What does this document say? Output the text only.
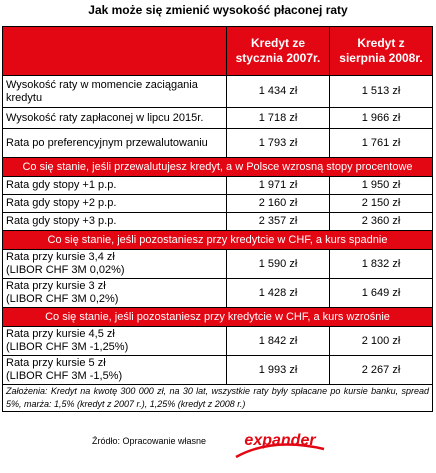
Jak może się zmienić wysokość płaconej raty
	Kredyt ze stycznia 2007r.	Kredyt z sierpnia 2008r.
Wysokość raty w momencie zaciągania kredytu	1 434 zł	1 513 zł
Wysokość raty zapłaconej w lipcu 2015r.	1 718 zł	1 966 zł
Rata po preferencyjnym przewalutowaniu	1 793 zł	1 761 zł
Co się stanie, jeśli przewalutujesz kredyt, a w Polsce wzrosną stopy procentowe		
Rata gdy stopy +1 p.p.	1 971 zł	1 950 zł
Rata gdy stopy +2 p.p.	2 160 zł	2 150 zł
Rata gdy stopy +3 p.p.	2 357 zł	2 360 zł
Co się stanie, jeśli pozostaniesz przy kredytcie w CHF, a kurs spadnie		

Rata przy kursie 3,4 zł
(LIBOR CHF 3M 0,02%)	1 590 zł	1 832 zł

Rata przy kursie 3 zł
(LIBOR CHF 3M 0,2%)	1 428 zł	1 649 zł
Co się stanie, jeśli pozostaniesz przy kredytcie w CHF, a kurs wzrośnie		

Rata przy kursie 4,5 zł
(LIBOR CHF 3M -1,25%)	1 842 zł	2 100 zł

Rata przy kursie 5 zł
(LIBOR CHF 3M -1,5%)	1 993 zł	2 267 zł
Założenia: Kredyt na kwotę 300 000 zł, na 30 lat, wszystkie raty były spłacane po kursie banku, spread 5%, marża: 1,5% (kredyt z 2007 r.), 1,25% (kredyt z 2008 r.)		
Źródło: Opracowanie własne expander
